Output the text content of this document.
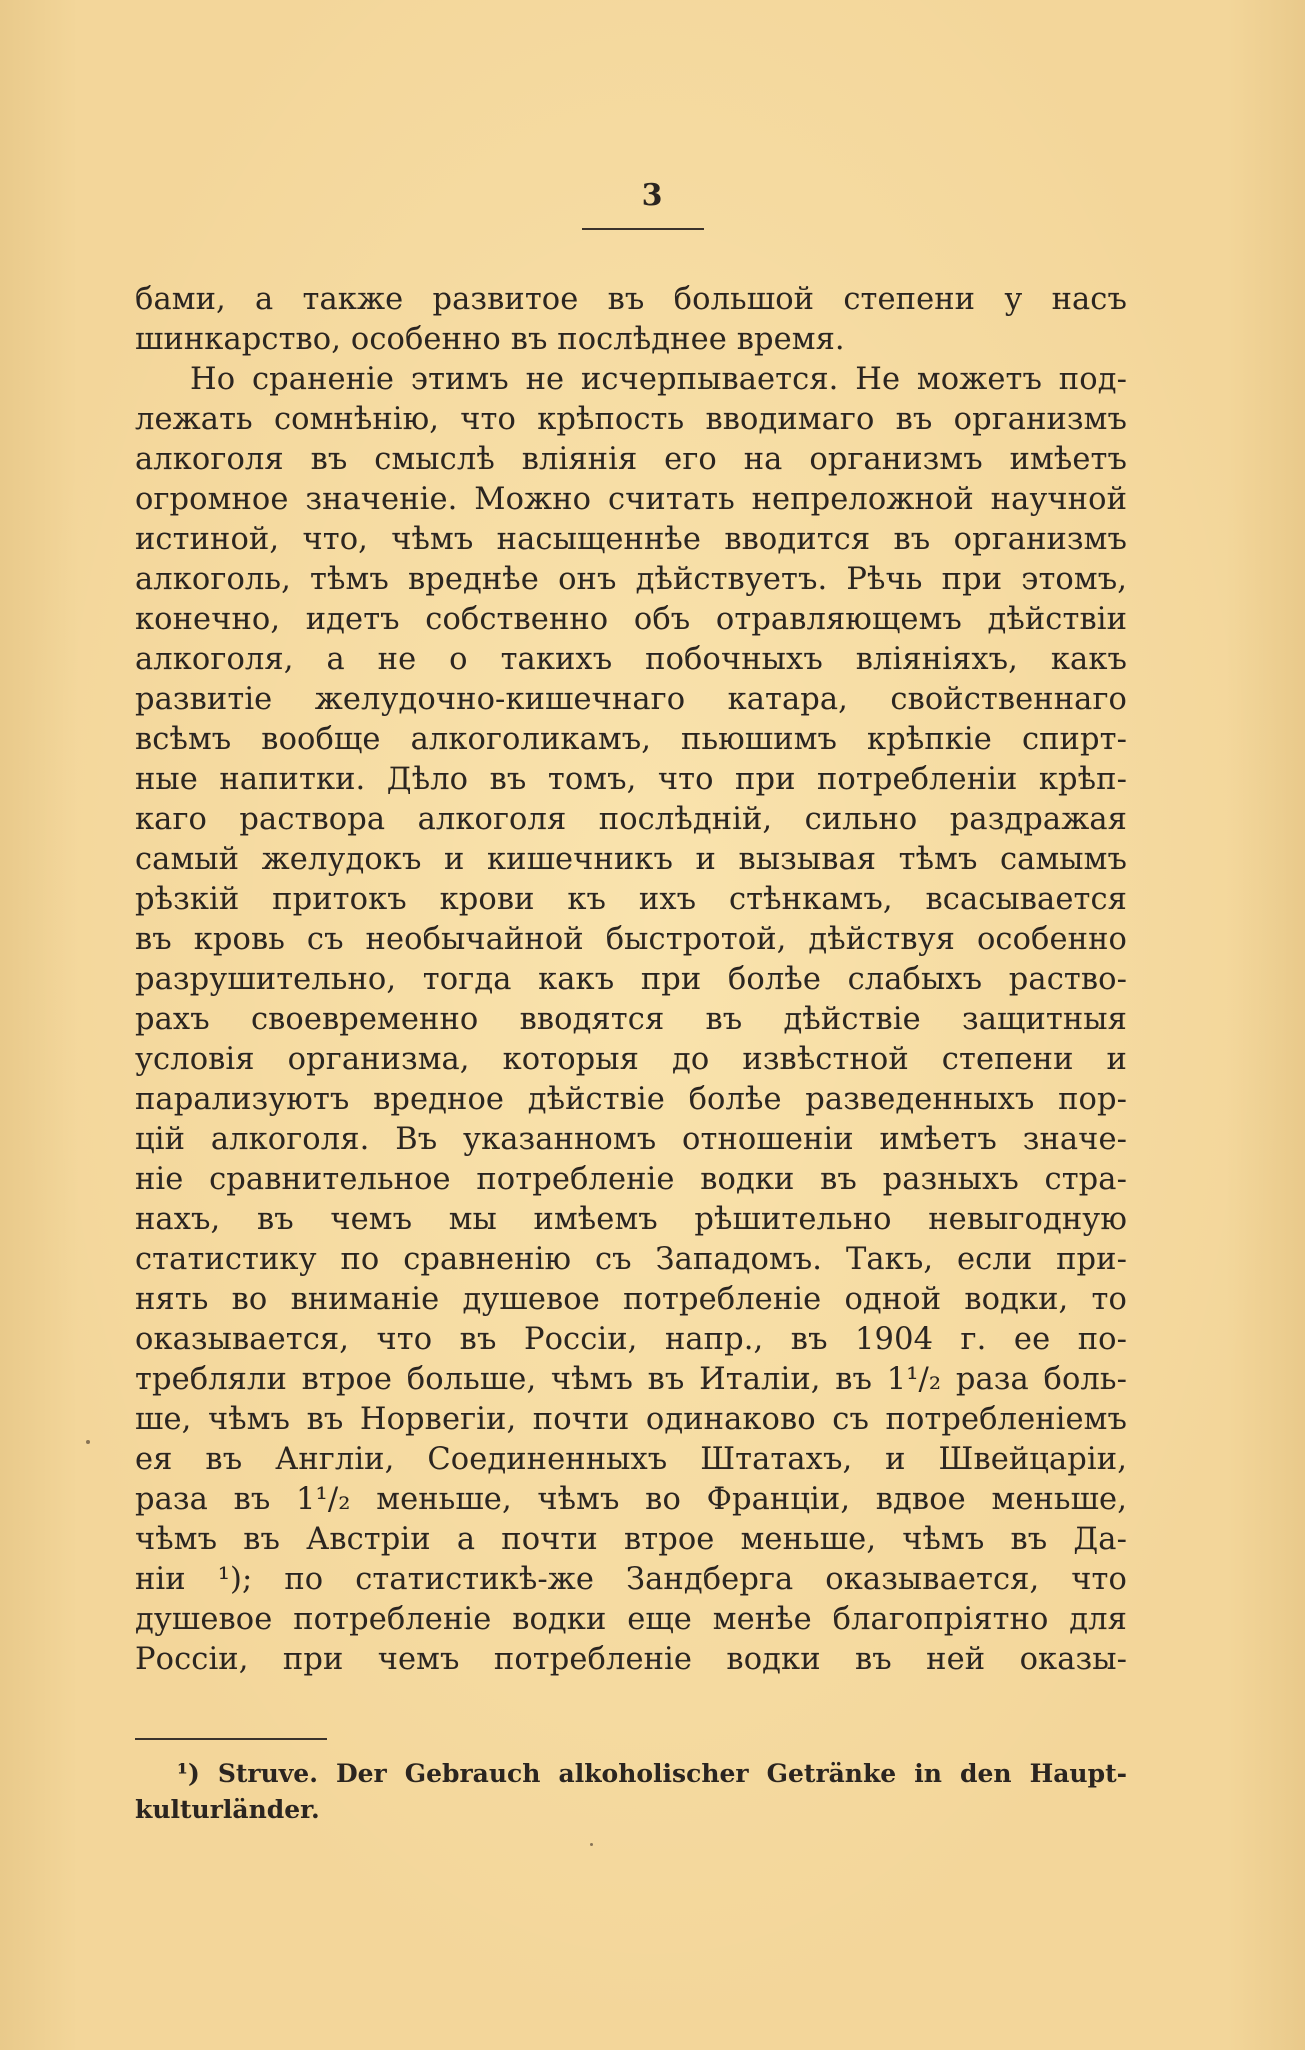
3
бами, а также развитое въ большой степени у насъ
шинкарство, особенно въ послѣднее время.
Но сраненіе этимъ не исчерпывается. Не можетъ под-
лежать сомнѣнію, что крѣпость вводимаго въ организмъ
алкоголя въ смыслѣ вліянія его на организмъ имѣетъ
огромное значеніе. Можно считать непреложной научной
истиной, что, чѣмъ насыщеннѣе вводится въ организмъ
алкоголь, тѣмъ вреднѣе онъ дѣйствуетъ. Рѣчь при этомъ,
конечно, идетъ собственно объ отравляющемъ дѣйствіи
алкоголя, а не о такихъ побочныхъ вліяніяхъ, какъ
развитіе желудочно-кишечнаго катара, свойственнаго
всѣмъ вообще алкоголикамъ, пьюшимъ крѣпкіе спирт-
ные напитки. Дѣло въ томъ, что при потребленіи крѣп-
каго раствора алкоголя послѣдній, сильно раздражая
самый желудокъ и кишечникъ и вызывая тѣмъ самымъ
рѣзкій притокъ крови къ ихъ стѣнкамъ, всасывается
въ кровь съ необычайной быстротой, дѣйствуя особенно
разрушительно, тогда какъ при болѣе слабыхъ раство-
рахъ своевременно вводятся въ дѣйствіе защитныя
условія организма, которыя до извѣстной степени и
парализуютъ вредное дѣйствіе болѣе разведенныхъ пор-
цій алкоголя. Въ указанномъ отношеніи имѣетъ значе-
ніе сравнительное потребленіе водки въ разныхъ стра-
нахъ, въ чемъ мы имѣемъ рѣшительно невыгодную
статистику по сравненію съ Западомъ. Такъ, если при-
нять во вниманіе душевое потребленіе одной водки, то
оказывается, что въ Россіи, напр., въ 1904 г. ее по-
требляли втрое больше, чѣмъ въ Италіи, въ 1¹/₂ раза боль-
ше, чѣмъ въ Норвегіи, почти одинаково съ потребленіемъ
ея въ Англіи, Соединенныхъ Штатахъ, и Швейцаріи,
раза въ 1¹/₂ меньше, чѣмъ во Франціи, вдвое меньше,
чѣмъ въ Австріи а почти втрое меньше, чѣмъ въ Да-
ніи ¹); по статистикѣ-же Зандберга оказывается, что
душевое потребленіе водки еще менѣе благопріятно для
Россіи, при чемъ потребленіе водки въ ней оказы-
¹) Struve. Der Gebrauch alkoholischer Getränke in den Haupt-
kulturländer.
